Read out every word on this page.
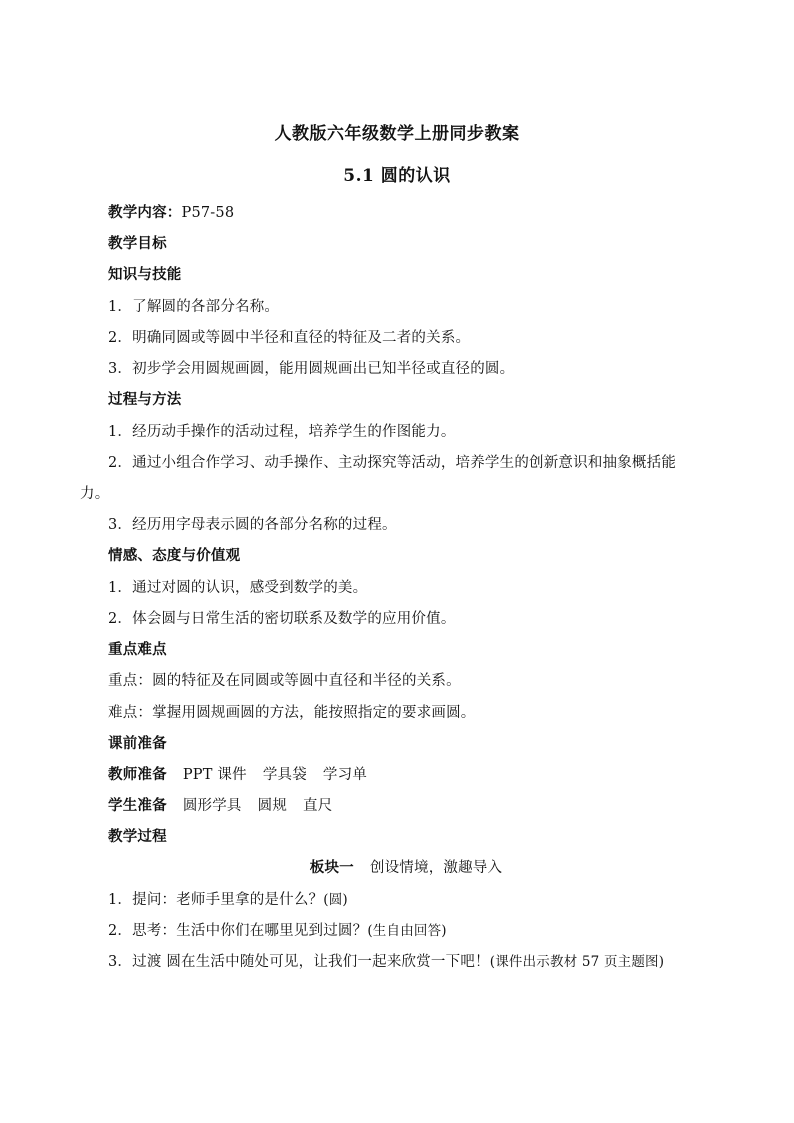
人教版六年级数学上册同步教案
5.1 圆的认识
教学内容：P57-58
教学目标
知识与技能
1．了解圆的各部分名称。
2．明确同圆或等圆中半径和直径的特征及二者的关系。
3．初步学会用圆规画圆，能用圆规画出已知半径或直径的圆。
过程与方法
1．经历动手操作的活动过程，培养学生的作图能力。
2．通过小组合作学习、动手操作、主动探究等活动，培养学生的创新意识和抽象概括能
力。
3．经历用字母表示圆的各部分名称的过程。
情感、态度与价值观
1．通过对圆的认识，感受到数学的美。
2．体会圆与日常生活的密切联系及数学的应用价值。
重点难点
重点：圆的特征及在同圆或等圆中直径和半径的关系。
难点：掌握用圆规画圆的方法，能按照指定的要求画圆。
课前准备
教师准备 PPT 课件 学具袋 学习单
学生准备 圆形学具 圆规 直尺
教学过程
板块一 创设情境，激趣导入
1．提问：老师手里拿的是什么？(圆)
2．思考：生活中你们在哪里见到过圆？(生自由回答)
3．过渡 圆在生活中随处可见，让我们一起来欣赏一下吧！(课件出示教材 57 页主题图)
